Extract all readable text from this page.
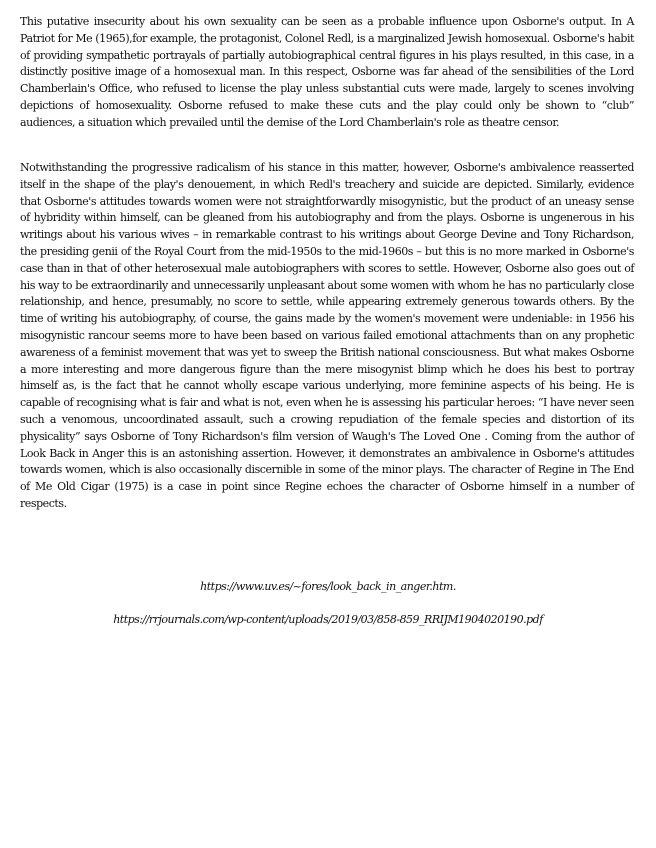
This putative insecurity about his own sexuality can be seen as a probable influence upon Osborne's output. In A Patriot for Me (1965),for example, the protagonist, Colonel Redl, is a marginalized Jewish homosexual. Osborne's habit of providing sympathetic portrayals of partially autobiographical central figures in his plays resulted, in this case, in a distinctly positive image of a homosexual man. In this respect, Osborne was far ahead of the sensibilities of the Lord Chamberlain's Office, who refused to license the play unless substantial cuts were made, largely to scenes involving depictions of homosexuality. Osborne refused to make these cuts and the play could only be shown to “club” audiences, a situation which prevailed until the demise of the Lord Chamberlain's role as theatre censor.

Notwithstanding the progressive radicalism of his stance in this matter, however, Osborne's ambivalence reasserted itself in the shape of the play's denouement, in which Redl's treachery and suicide are depicted. Similarly, evidence that Osborne's attitudes towards women were not straightforwardly misogynistic, but the product of an uneasy sense of hybridity within himself, can be gleaned from his autobiography and from the plays. Osborne is ungenerous in his writings about his various wives – in remarkable contrast to his writings about George Devine and Tony Richardson, the presiding genii of the Royal Court from the mid-1950s to the mid-1960s – but this is no more marked in Osborne's case than in that of other heterosexual male autobiographers with scores to settle. However, Osborne also goes out of his way to be extraordinarily and unnecessarily unpleasant about some women with whom he has no particularly close relationship, and hence, presumably, no score to settle, while appearing extremely generous towards others. By the time of writing his autobiography, of course, the gains made by the women's movement were undeniable: in 1956 his misogynistic rancour seems more to have been based on various failed emotional attachments than on any prophetic awareness of a feminist movement that was yet to sweep the British national consciousness. But what makes Osborne a more interesting and more dangerous figure than the mere misogynist blimp which he does his best to portray himself as, is the fact that he cannot wholly escape various underlying, more feminine aspects of his being. He is capable of recognising what is fair and what is not, even when he is assessing his particular heroes: “I have never seen such a venomous, uncoordinated assault, such a crowing repudiation of the female species and distortion of its physicality” says Osborne of Tony Richardson's film version of Waugh's The Loved One . Coming from the author of Look Back in Anger this is an astonishing assertion. However, it demonstrates an ambivalence in Osborne's attitudes towards women, which is also occasionally discernible in some of the minor plays. The character of Regine in The End of Me Old Cigar (1975) is a case in point since Regine echoes the character of Osborne himself in a number of respects.

https://www.uv.es/~fores/look_back_in_anger.htm.

https://rrjournals.com/wp-content/uploads/2019/03/858-859_RRIJM1904020190.pdf
